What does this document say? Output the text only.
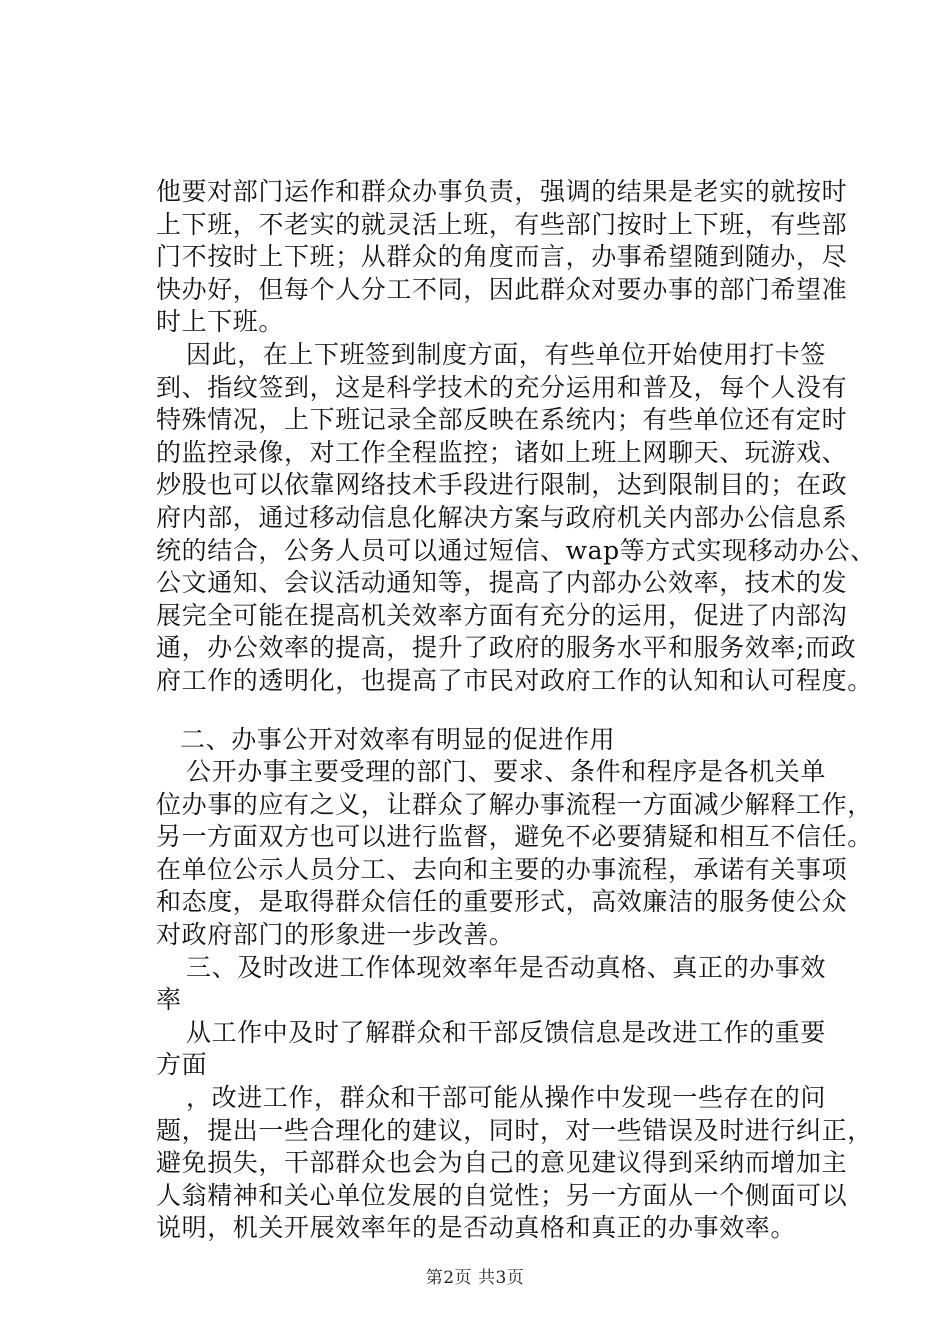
他要对部门运作和群众办事负责，强调的结果是老实的就按时
上下班，不老实的就灵活上班，有些部门按时上下班，有些部
门不按时上下班；从群众的角度而言，办事希望随到随办，尽
快办好，但每个人分工不同，因此群众对要办事的部门希望准
时上下班。
因此，在上下班签到制度方面，有些单位开始使用打卡签
到、指纹签到，这是科学技术的充分运用和普及，每个人没有
特殊情况，上下班记录全部反映在系统内；有些单位还有定时
的监控录像，对工作全程监控；诸如上班上网聊天、玩游戏、
炒股也可以依靠网络技术手段进行限制，达到限制目的；在政
府内部，通过移动信息化解决方案与政府机关内部办公信息系
统的结合，公务人员可以通过短信、wap等方式实现移动办公、
公文通知、会议活动通知等，提高了内部办公效率，技术的发
展完全可能在提高机关效率方面有充分的运用，促进了内部沟
通，办公效率的提高，提升了政府的服务水平和服务效率;而政
府工作的透明化，也提高了市民对政府工作的认知和认可程度。
二、办事公开对效率有明显的促进作用
公开办事主要受理的部门、要求、条件和程序是各机关单
位办事的应有之义，让群众了解办事流程一方面减少解释工作，
另一方面双方也可以进行监督，避免不必要猜疑和相互不信任。
在单位公示人员分工、去向和主要的办事流程，承诺有关事项
和态度，是取得群众信任的重要形式，高效廉洁的服务使公众
对政府部门的形象进一步改善。
三、及时改进工作体现效率年是否动真格、真正的办事效
率
从工作中及时了解群众和干部反馈信息是改进工作的重要
方面
，改进工作，群众和干部可能从操作中发现一些存在的问
题，提出一些合理化的建议，同时，对一些错误及时进行纠正，
避免损失，干部群众也会为自己的意见建议得到采纳而增加主
人翁精神和关心单位发展的自觉性；另一方面从一个侧面可以
说明，机关开展效率年的是否动真格和真正的办事效率。
第2页 共3页
